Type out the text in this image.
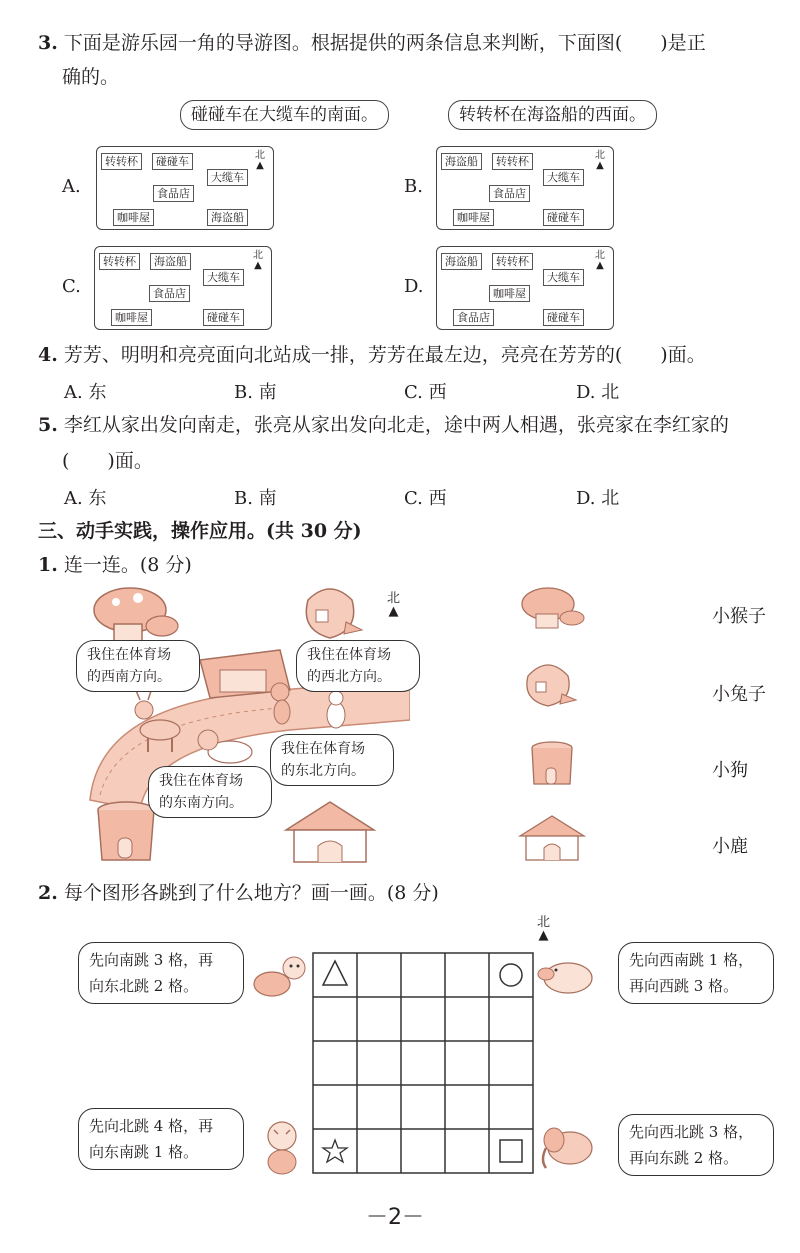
3. 下面是游乐园一角的导游图。根据提供的两条信息来判断，下面图(　　)是正
确的。
碰碰车在大缆车的南面。	转转杯在海盗船的西面。
A.
转转杯	碰碰车
大缆车
食品店
咖啡屋	海盗船
北
▲
B.
海盗船	转转杯
大缆车
食品店
咖啡屋	碰碰车
北
▲
C.
转转杯	海盗船
大缆车
食品店
咖啡屋	碰碰车
北
▲
D.
海盗船	转转杯
大缆车
咖啡屋
食品店	碰碰车
北
▲
4. 芳芳、明明和亮亮面向北站成一排，芳芳在最左边，亮亮在芳芳的(　　)面。
A. 东	B. 南	C. 西	D. 北
5. 李红从家出发向南走，张亮从家出发向北走，途中两人相遇，张亮家在李红家的
(　　)面。
A. 东	B. 南	C. 西	D. 北
三、动手实践，操作应用。(共 30 分)
1. 连一连。(8 分)
北
▲
我住在体育场
的西南方向。
我住在体育场
的西北方向。
我住在体育场
的东北方向。
我住在体育场
的东南方向。
小猴子
小兔子
小狗
小鹿
2. 每个图形各跳到了什么地方？画一画。(8 分)
北
▲
先向南跳 3 格，再
向东北跳 2 格。
先向西南跳 1 格，
再向西跳 3 格。
先向北跳 4 格，再
向东南跳 1 格。
先向西北跳 3 格，
再向东跳 2 格。
－2－
